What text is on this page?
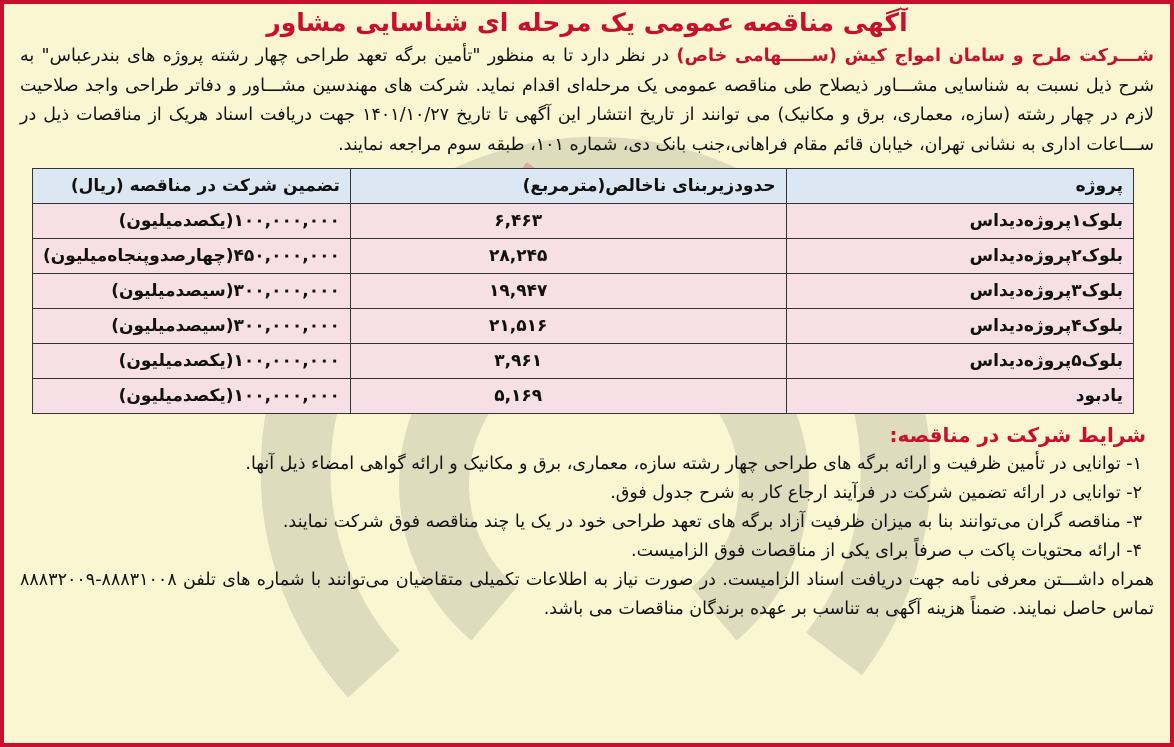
آگهی مناقصه عمومی یک مرحله ای شناسایی مشاور
شـــرکت طرح و سامان امواج کیش (ســـــهامی خاص) در نظر دارد تا به منظور "تأمین برگه تعهد طراحی چهار رشته پروژه های بندرعباس" به شرح ذیل نسبت به شناسایی مشـــاور ذیصلاح طی مناقصه عمومی یک مرحله‌ای اقدام نماید. شرکت های مهندسین مشـــاور و دفاتر طراحی واجد صلاحیت لازم در چهار رشته (سازه، معماری، برق و مکانیک) می توانند از تاریخ انتشار این آگهی تا تاریخ ۱۴۰۱/۱۰/۲۷ جهت دریافت اسناد هریک از مناقصات ذیل در ســـاعات اداری به نشانی تهران، خیابان قائم مقام فراهانی،جنب بانک دی، شماره ۱۰۱، طبقه سوم مراجعه نمایند.
پروژه	حدودزیربنای ناخالص(مترمربع)	تضمین شرکت در مناقصه (ریال)
بلوک۱پروژه‌دیداس	۶,۴۶۳	۱۰۰,۰۰۰,۰۰۰(یکصدمیلیون)
بلوک۲پروژه‌دیداس	۲۸,۲۴۵	۴۵۰,۰۰۰,۰۰۰(چهارصدوپنجاه‌میلیون)
بلوک۳پروژه‌دیداس	۱۹,۹۴۷	۳۰۰,۰۰۰,۰۰۰(سیصدمیلیون)
بلوک۴پروژه‌دیداس	۲۱,۵۱۶	۳۰۰,۰۰۰,۰۰۰(سیصدمیلیون)
بلوک۵پروژه‌دیداس	۳,۹۶۱	۱۰۰,۰۰۰,۰۰۰(یکصدمیلیون)
یادبود	۵,۱۶۹	۱۰۰,۰۰۰,۰۰۰(یکصدمیلیون)
شرایط شرکت در مناقصه:
۱- توانایی در تأمین ظرفیت و ارائه برگه های طراحی چهار رشته سازه، معماری، برق و مکانیک و ارائه گواهی امضاء ذیل آنها.
۲- توانایی در ارائه تضمین شرکت در فرآیند ارجاع کار به شرح جدول فوق.
۳- مناقصه گران می‌توانند بنا به میزان ظرفیت آزاد برگه های تعهد طراحی خود در یک یا چند مناقصه فوق شرکت نمایند.
۴- ارائه محتویات پاکت ب صرفاً برای یکی از مناقصات فوق الزامیست.
همراه داشـــتن معرفی نامه جهت دریافت اسناد الزامیست. در صورت نیاز به اطلاعات تکمیلی متقاضیان می‌توانند با شماره های تلفن ۸۸۸۳۱۰۰۸-۸۸۸۳۲۰۰۹ تماس حاصل نمایند. ضمناً هزینه آگهی به تناسب بر عهده برندگان مناقصات می باشد.
